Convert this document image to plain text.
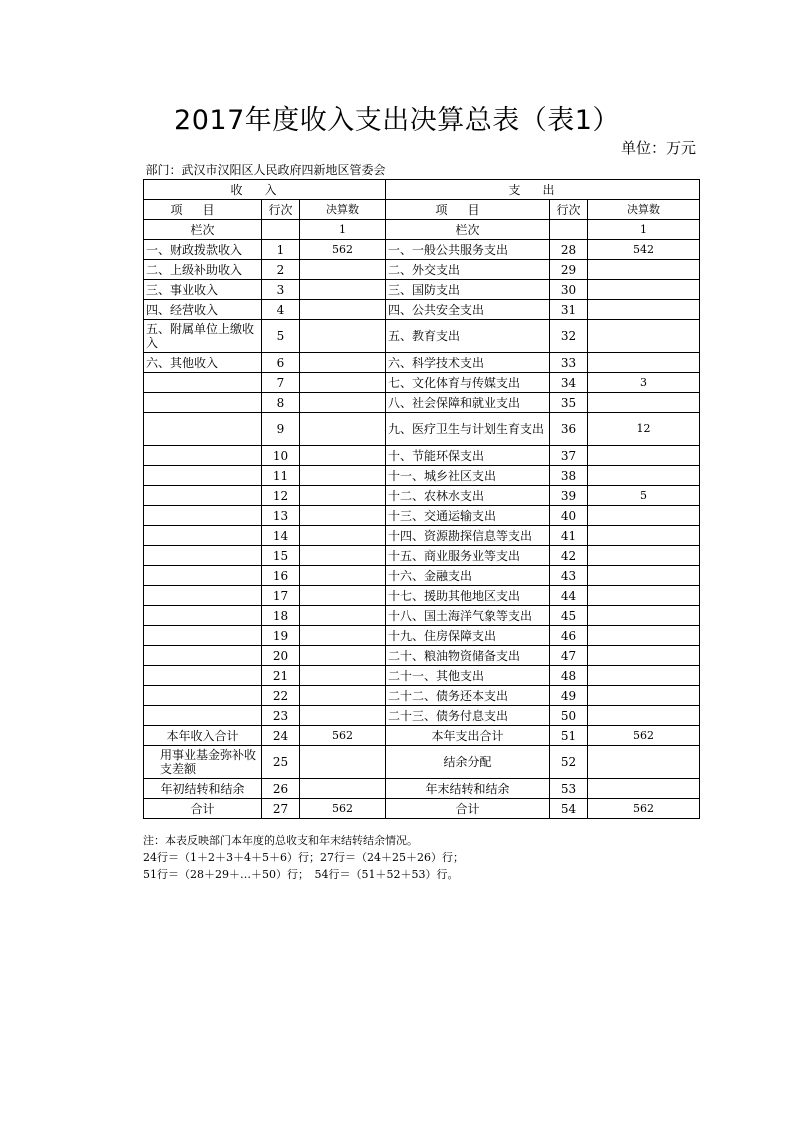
2017年度收入支出决算总表（表1）
单位：万元
部门：武汉市汉阳区人民政府四新地区管委会					
收入			支出		
项目	行次	决算数	项目	行次	决算数
栏次		1	栏次		1
一、财政拨款收入	1	562	一、一般公共服务支出	28	542
二、上级补助收入	2		二、外交支出	29	
三、事业收入	3		三、国防支出	30	
四、经营收入	4		四、公共安全支出	31	
五、附属单位上缴收入	5		五、教育支出	32	
六、其他收入	6		六、科学技术支出	33	
	7		七、文化体育与传媒支出	34	3
	8		八、社会保障和就业支出	35	
	9		九、医疗卫生与计划生育支出	36	12
	10		十、节能环保支出	37	
	11		十一、城乡社区支出	38	
	12		十二、农林水支出	39	5
	13		十三、交通运输支出	40	
	14		十四、资源勘探信息等支出	41	
	15		十五、商业服务业等支出	42	
	16		十六、金融支出	43	
	17		十七、援助其他地区支出	44	
	18		十八、国土海洋气象等支出	45	
	19		十九、住房保障支出	46	
	20		二十、粮油物资储备支出	47	
	21		二十一、其他支出	48	
	22		二十二、债务还本支出	49	
	23		二十三、债务付息支出	50	
本年收入合计	24	562	本年支出合计	51	562
用事业基金弥补收支差额	25		结余分配	52	
年初结转和结余	26		年末结转和结余	53	
合计	27	562	合计	54	562

注：本表反映部门本年度的总收支和年末结转结余情况。

24行＝（1＋2＋3＋4＋5＋6）行；27行＝（24＋25＋26）行；

51行＝（28＋29＋…＋50）行；　54行＝（51＋52＋53）行。
